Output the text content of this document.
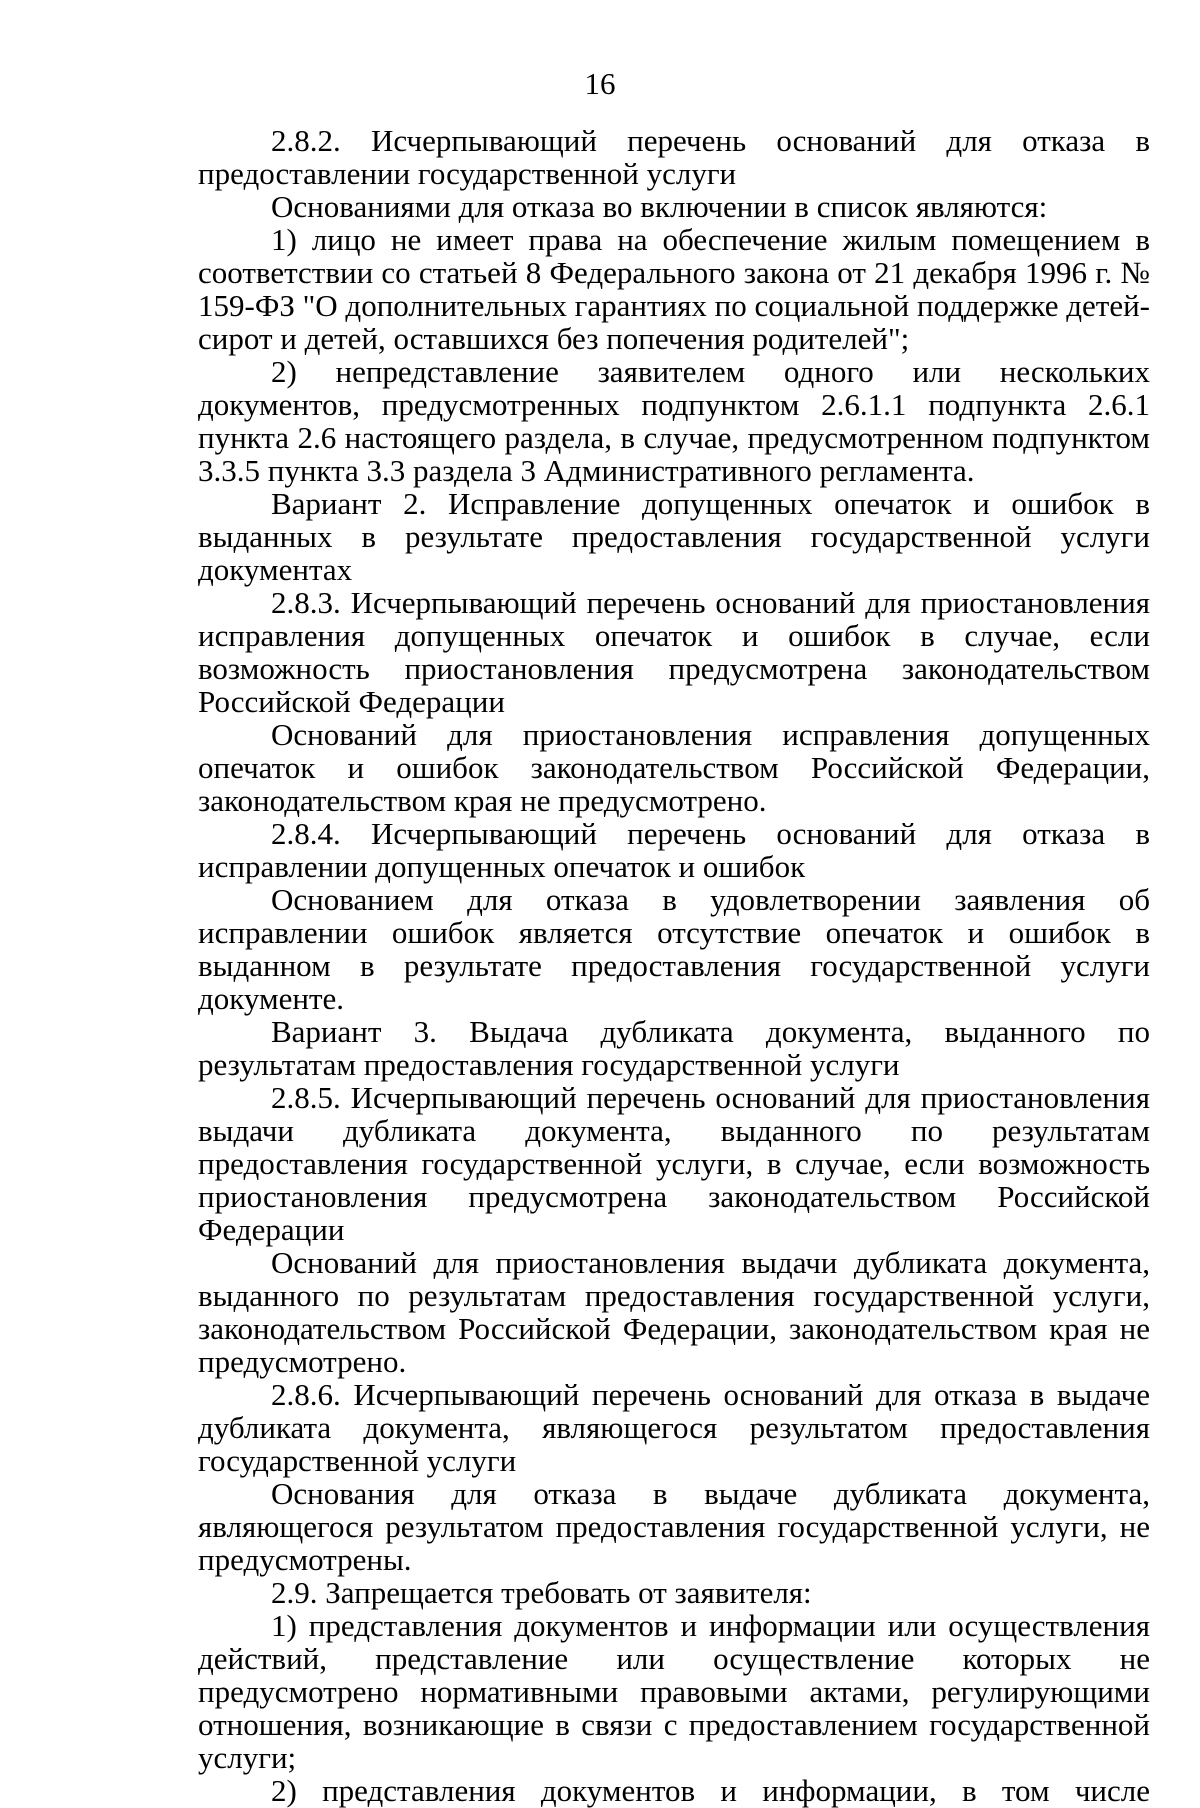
16

2.8.2. Исчерпывающий перечень оснований для отказа в предоставлении государственной услуги

Основаниями для отказа во включении в список являются:

1) лицо не имеет права на обеспечение жилым помещением в соответствии со статьей 8 Федерального закона от 21 декабря 1996 г. № 159-ФЗ "О дополнительных гарантиях по социальной поддержке детей-сирот и детей, оставшихся без попечения родителей";

2) непредставление заявителем одного или нескольких документов, предусмотренных подпунктом 2.6.1.1 подпункта 2.6.1 пункта 2.6 настоящего раздела, в случае, предусмотренном подпунктом 3.3.5 пункта 3.3 раздела 3 Административного регламента.

Вариант 2. Исправление допущенных опечаток и ошибок в выданных в результате предоставления государственной услуги документах

2.8.3. Исчерпывающий перечень оснований для приостановления исправления допущенных опечаток и ошибок в случае, если возможность приостановления предусмотрена законодательством Российской Федерации

Оснований для приостановления исправления допущенных опечаток и ошибок законодательством Российской Федерации, законодательством края не предусмотрено.

2.8.4. Исчерпывающий перечень оснований для отказа в исправлении допущенных опечаток и ошибок

Основанием для отказа в удовлетворении заявления об исправлении ошибок является отсутствие опечаток и ошибок в выданном в результате предоставления государственной услуги документе.

Вариант 3. Выдача дубликата документа, выданного по результатам предоставления государственной услуги

2.8.5. Исчерпывающий перечень оснований для приостановления выдачи дубликата документа, выданного по результатам предоставления государственной услуги, в случае, если возможность приостановления предусмотрена законодательством Российской Федерации

Оснований для приостановления выдачи дубликата документа, выданного по результатам предоставления государственной услуги, законодательством Российской Федерации, законодательством края не предусмотрено.

2.8.6. Исчерпывающий перечень оснований для отказа в выдаче дубликата документа, являющегося результатом предоставления государственной услуги

Основания для отказа в выдаче дубликата документа, являющегося результатом предоставления государственной услуги, не предусмотрены.

2.9. Запрещается требовать от заявителя:

1) представления документов и информации или осуществления действий, представление или осуществление которых не предусмотрено нормативными правовыми актами, регулирующими отношения, возникающие в связи с предоставлением государственной услуги;

2) представления документов и информации, в том числе
